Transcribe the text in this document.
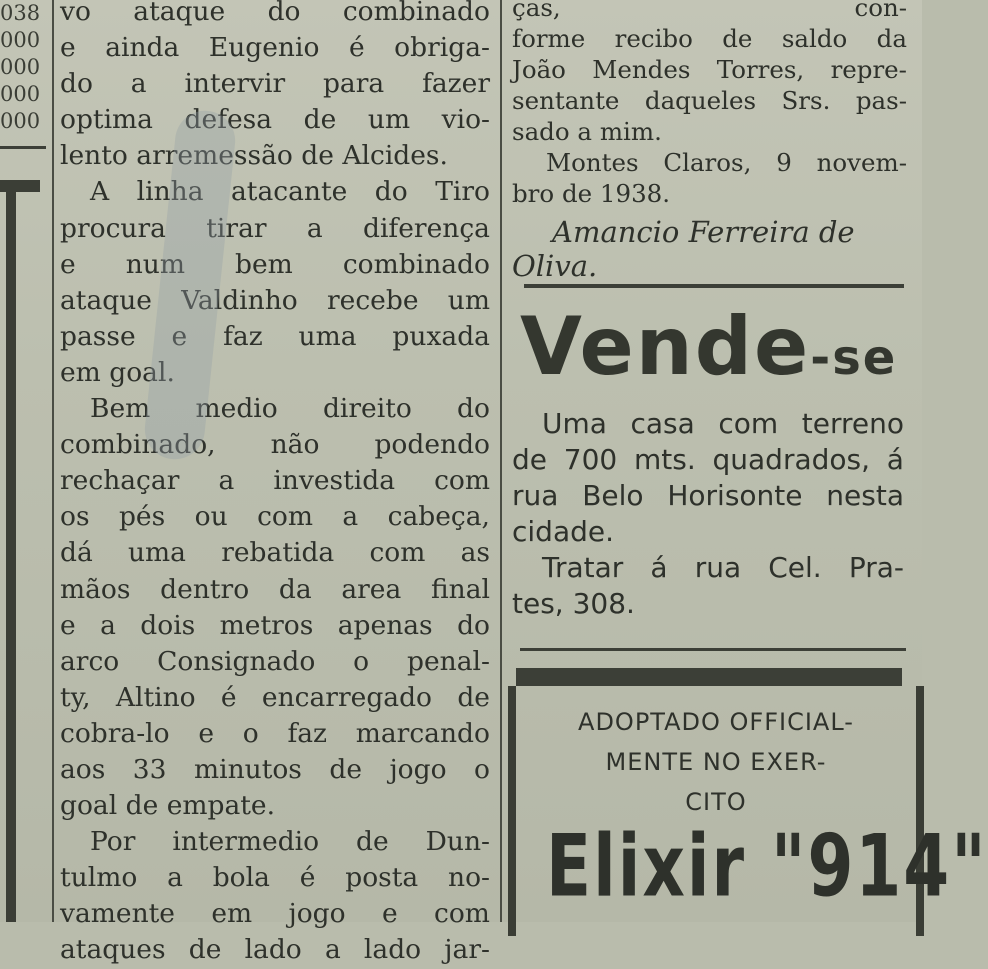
038
000
000
000
000
vo ataque do combinado
e ainda Eugenio é obriga-
do a intervir para fazer
optima defesa de um vio-
lento arremessão de Alcides.
A linha atacante do Tiro
procura tirar a diferença
e num bem combinado
ataque Valdinho recebe um
passe e faz uma puxada
em goal.
Bem medio direito do
combinado, não podendo
rechaçar a investida com
os pés ou com a cabeça,
dá uma rebatida com as
mãos dentro da area final
e a dois metros apenas do
arco Consignado o penal-
ty, Altino é encarregado de
cobra-lo e o faz marcando
aos 33 minutos de jogo o
goal de empate.
Por intermedio de Dun-
tulmo a bola é posta no-
vamente em jogo e com
ataques de lado a lado jar-
ças,	con-
forme recibo de saldo da
João Mendes Torres, repre-
sentante daqueles Srs. pas-
sado a mim.
Montes Claros, 9 novem-
bro de 1938.
Amancio Ferreira de
Oliva.
Vende-se
Uma casa com terreno
de 700 mts. quadrados, á
rua Belo Horisonte nesta
cidade.
Tratar á rua Cel. Pra-
tes, 308.
ADOPTADO OFFICIAL-
MENTE NO EXER-
CITO
Elixir "914"
